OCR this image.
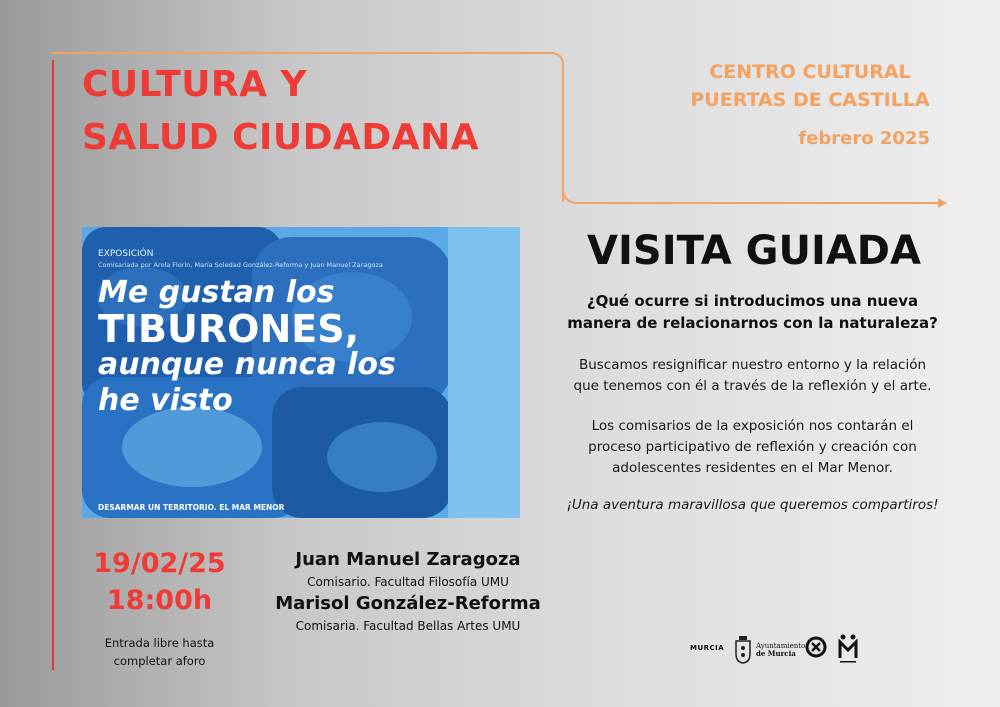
CULTURA Y
SALUD CIUDADANA
CENTRO CULTURAL
PUERTAS DE CASTILLA
febrero 2025
EXPOSICIÓN
Comisariada por Arola Florin, María Soledad González-Reforma y Juan Manuel Zaragoza
Me gustan los
TIBURONES,
aunque nunca los
he visto
DESARMAR UN TERRITORIO. EL MAR MENOR
VISITA GUIADA
¿Qué ocurre si introducimos una nueva
manera de relacionarnos con la naturaleza?
Buscamos resignificar nuestro entorno y la relación
que tenemos con él a través de la reflexión y el arte.
Los comisarios de la exposición nos contarán el
proceso participativo de reflexión y creación con
adolescentes residentes en el Mar Menor.
¡Una aventura maravillosa que queremos compartiros!
19/02/25
18:00h
Entrada libre hasta
completar aforo
Juan Manuel Zaragoza
Comisario. Facultad Filosofía UMU
Marisol González-Reforma
Comisaria. Facultad Bellas Artes UMU
MURCIA	Ayuntamiento
de Murcia
